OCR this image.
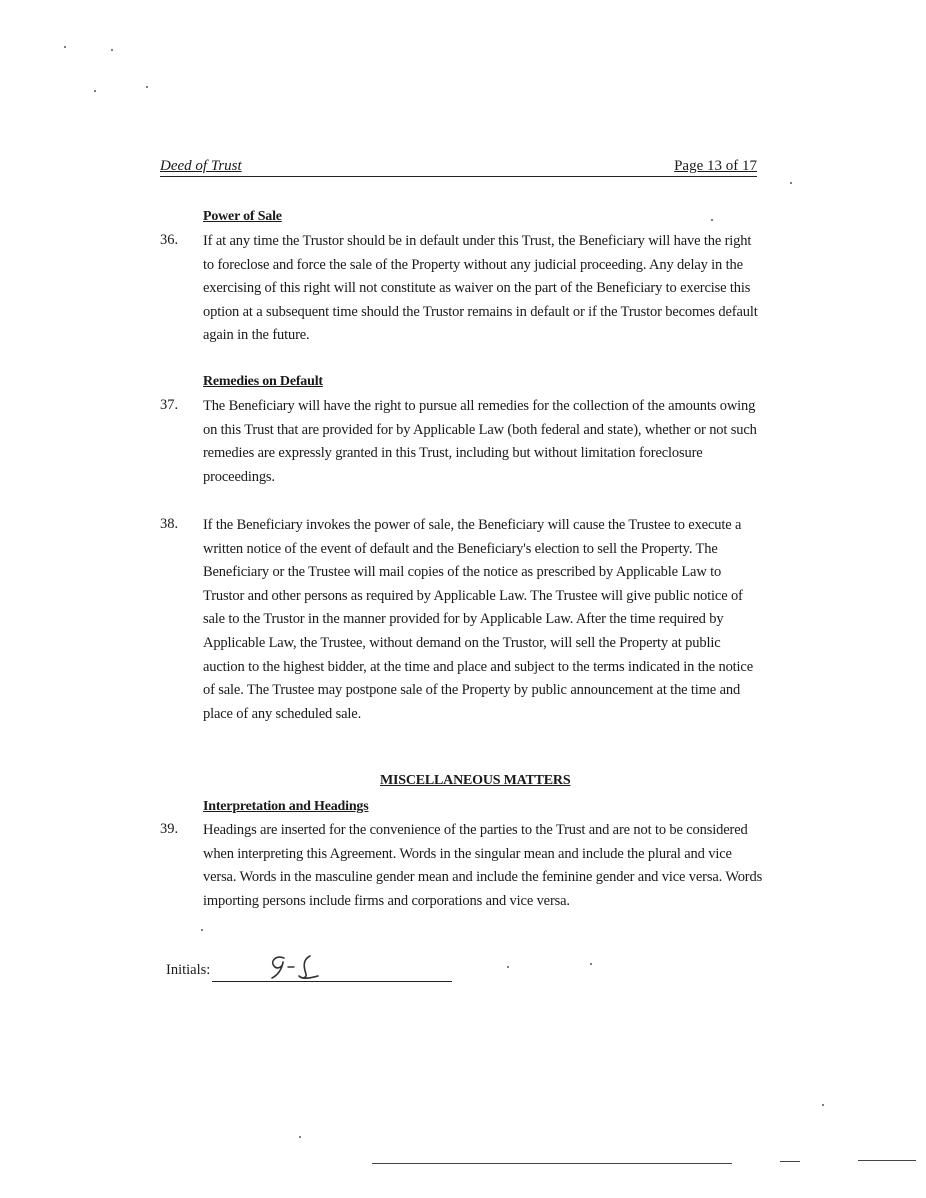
Deed of Trust	Page 13 of 17
Power of Sale
36. If at any time the Trustor should be in default under this Trust, the Beneficiary will have the right to foreclose and force the sale of the Property without any judicial proceeding. Any delay in the exercising of this right will not constitute as waiver on the part of the Beneficiary to exercise this option at a subsequent time should the Trustor remains in default or if the Trustor becomes default again in the future.
Remedies on Default
37. The Beneficiary will have the right to pursue all remedies for the collection of the amounts owing on this Trust that are provided for by Applicable Law (both federal and state), whether or not such remedies are expressly granted in this Trust, including but without limitation foreclosure proceedings.
38. If the Beneficiary invokes the power of sale, the Beneficiary will cause the Trustee to execute a written notice of the event of default and the Beneficiary's election to sell the Property. The Beneficiary or the Trustee will mail copies of the notice as prescribed by Applicable Law to Trustor and other persons as required by Applicable Law. The Trustee will give public notice of sale to the Trustor in the manner provided for by Applicable Law. After the time required by Applicable Law, the Trustee, without demand on the Trustor, will sell the Property at public auction to the highest bidder, at the time and place and subject to the terms indicated in the notice of sale. The Trustee may postpone sale of the Property by public announcement at the time and place of any scheduled sale.
MISCELLANEOUS MATTERS
Interpretation and Headings
39. Headings are inserted for the convenience of the parties to the Trust and are not to be considered when interpreting this Agreement. Words in the singular mean and include the plural and vice versa. Words in the masculine gender mean and include the feminine gender and vice versa. Words importing persons include firms and corporations and vice versa.
Initials:
